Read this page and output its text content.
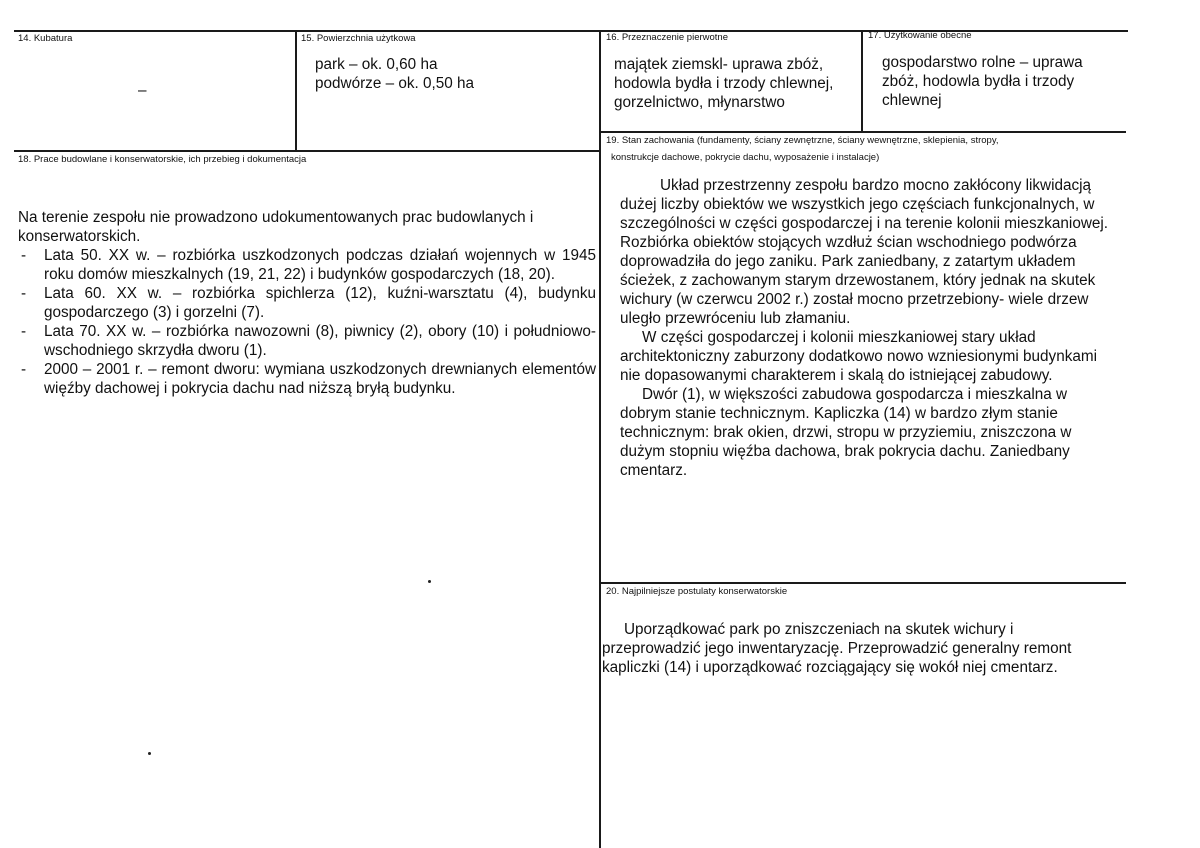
14. Kubatura

–

15. Powierzchnia użytkowa

park – ok. 0,60 ha

podwórze – ok. 0,50 ha

16. Przeznaczenie pierwotne

majątek ziemskl- uprawa zbóż, hodowla bydła i trzody chlewnej, gorzelnictwo, młynarstwo

17. Użytkowanie obecne

gospodarstwo rolne – uprawa zbóż, hodowla bydła i trzody chlewnej

18. Prace budowlane i konserwatorskie, ich przebieg i dokumentacja

Na terenie zespołu nie prowadzono udokumentowanych prac budowlanych i konserwatorskich.

- Lata 50. XX w. – rozbiórka uszkodzonych podczas działań wojennych w 1945 roku domów mieszkalnych (19, 21, 22) i budynków gospodarczych (18, 20).
- Lata 60. XX w. – rozbiórka spichlerza (12), kuźni-warsztatu (4), budynku gospodarczego (3) i gorzelni (7).
- Lata 70. XX w. – rozbiórka nawozowni (8), piwnicy (2), obory (10) i południowo-wschodniego skrzydła dworu (1).
- 2000 – 2001 r. – remont dworu: wymiana uszkodzonych drewnianych elementów więźby dachowej i pokrycia dachu nad niższą bryłą budynku.

19. Stan zachowania (fundamenty, ściany zewnętrzne, ściany wewnętrzne, sklepienia, stropy,

konstrukcje dachowe, pokrycie dachu, wyposażenie i instalacje)

Układ przestrzenny zespołu bardzo mocno zakłócony likwidacją dużej liczby obiektów we wszystkich jego częściach funkcjonalnych, w szczególności w części gospodarczej i na terenie kolonii mieszkaniowej. Rozbiórka obiektów stojących wzdłuż ścian wschodniego podwórza doprowadziła do jego zaniku. Park zaniedbany, z zatartym układem ścieżek, z zachowanym starym drzewostanem, który jednak na skutek wichury (w czerwcu 2002 r.) został mocno przetrzebiony- wiele drzew uległo przewróceniu lub złamaniu.

W części gospodarczej i kolonii mieszkaniowej stary układ architektoniczny zaburzony dodatkowo nowo wzniesionymi budynkami nie dopasowanymi charakterem i skalą do istniejącej zabudowy.

Dwór (1), w większości zabudowa gospodarcza i mieszkalna w dobrym stanie technicznym. Kapliczka (14) w bardzo złym stanie technicznym: brak okien, drzwi, stropu w przyziemiu, zniszczona w dużym stopniu więźba dachowa, brak pokrycia dachu. Zaniedbany cmentarz.

20. Najpilniejsze postulaty konserwatorskie

Uporządkować park po zniszczeniach na skutek wichury i przeprowadzić jego inwentaryzację. Przeprowadzić generalny remont kapliczki (14) i uporządkować rozciągający się wokół niej cmentarz.
